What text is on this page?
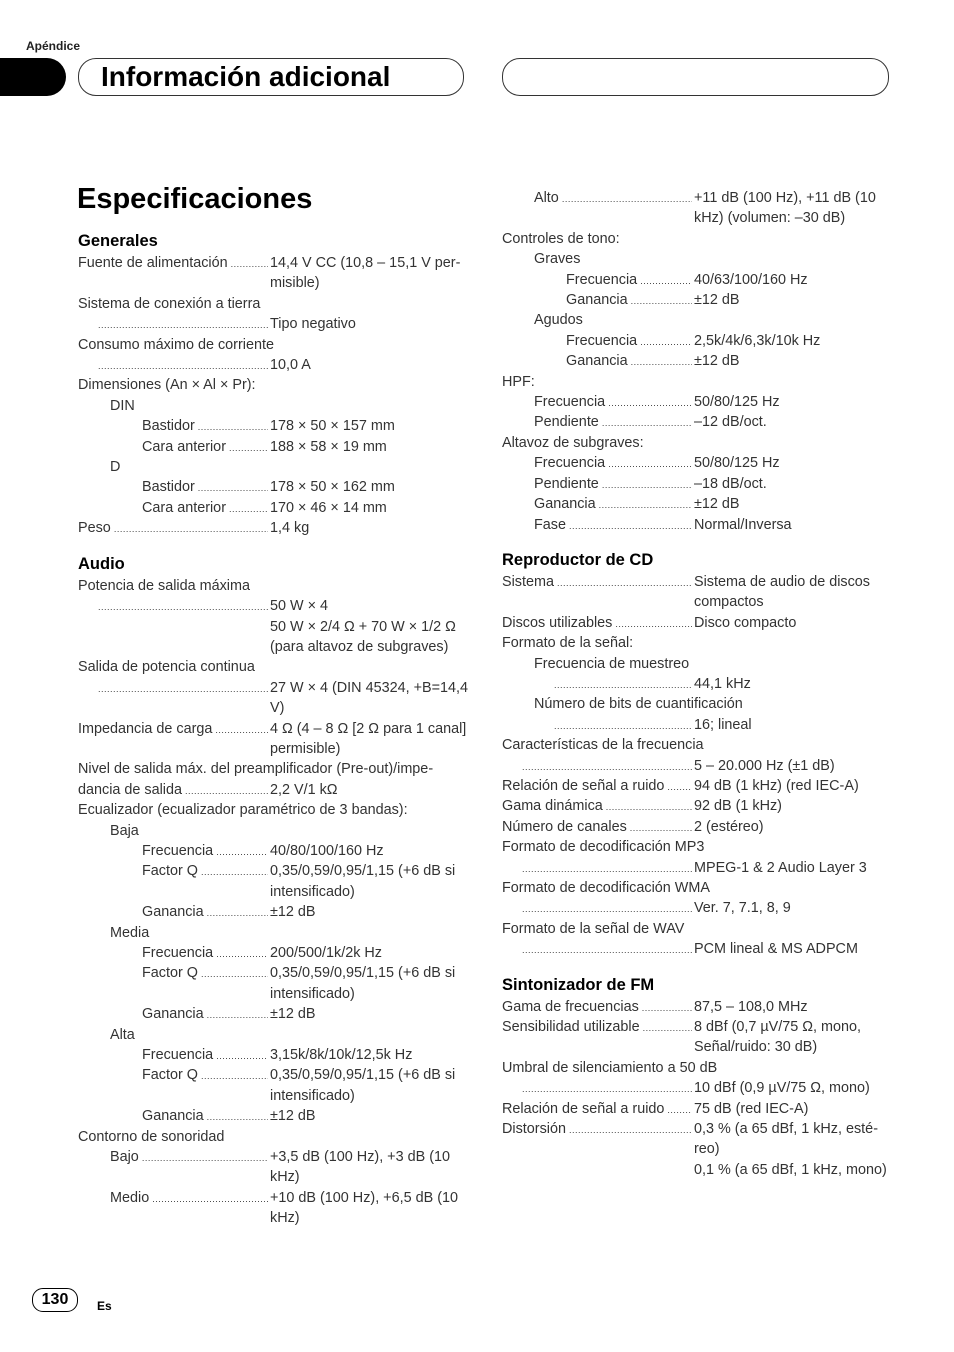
Apéndice
Información adicional
Especificaciones
Generales
Fuente de alimentación .....	14,4 V CC (10,8 – 15,1 V permisible)
Sistema de conexión a tierra
.....
Tipo negativo
Consumo máximo de corriente
.....
10,0 A
Dimensiones (An × Al × Pr):
DIN
Bastidor .....	178 × 50 × 157 mm
Cara anterior .....	188 × 58 × 19 mm
D
Bastidor .....	178 × 50 × 162 mm
Cara anterior .....	170 × 46 × 14 mm
Peso .....	1,4 kg
Audio
Potencia de salida máxima
.....
50 W × 4
50 W × 2/4 Ω + 70 W × 1/2 Ω (para altavoz de subgraves)
Salida de potencia continua
.....
27 W × 4 (DIN 45324, +B=14,4 V)
Impedancia de carga .....	4 Ω (4 – 8 Ω [2 Ω para 1 canal] permisible)
Nivel de salida máx. del preamplificador (Pre-out)/impe-
dancia de salida .....	2,2 V/1 kΩ
Ecualizador (ecualizador paramétrico de 3 bandas):
Baja
Frecuencia .....	40/80/100/160 Hz
Factor Q .....	0,35/0,59/0,95/1,15 (+6 dB si intensificado)
Ganancia .....	±12 dB
Media
Frecuencia .....	200/500/1k/2k Hz
Factor Q .....	0,35/0,59/0,95/1,15 (+6 dB si intensificado)
Ganancia .....	±12 dB
Alta
Frecuencia .....	3,15k/8k/10k/12,5k Hz
Factor Q .....	0,35/0,59/0,95/1,15 (+6 dB si intensificado)
Ganancia .....	±12 dB
Contorno de sonoridad
Bajo .....	+3,5 dB (100 Hz), +3 dB (10 kHz)
Medio .....	+10 dB (100 Hz), +6,5 dB (10 kHz)
Alto .....	+11 dB (100 Hz), +11 dB (10 kHz) (volumen: –30 dB)
Controles de tono:
Graves
Frecuencia .....	40/63/100/160 Hz
Ganancia .....	±12 dB
Agudos
Frecuencia .....	2,5k/4k/6,3k/10k Hz
Ganancia .....	±12 dB
HPF:
Frecuencia .....	50/80/125 Hz
Pendiente .....	–12 dB/oct.
Altavoz de subgraves:
Frecuencia .....	50/80/125 Hz
Pendiente .....	–18 dB/oct.
Ganancia .....	±12 dB
Fase .....	Normal/Inversa
Reproductor de CD
Sistema .....	Sistema de audio de discos compactos
Discos utilizables .....	Disco compacto
Formato de la señal:
Frecuencia de muestreo
.....
44,1 kHz
Número de bits de cuantificación
.....
16; lineal
Características de la frecuencia
.....
5 – 20.000 Hz (±1 dB)
Relación de señal a ruido ..... 94 dB (1 kHz) (red IEC-A)
Gama dinámica .....	92 dB (1 kHz)
Número de canales .....	2 (estéreo)
Formato de decodificación MP3
.....
MPEG-1 & 2 Audio Layer 3
Formato de decodificación WMA
.....
Ver. 7, 7.1, 8, 9
Formato de la señal de WAV
.....
PCM lineal & MS ADPCM
Sintonizador de FM
Gama de frecuencias .....	87,5 – 108,0 MHz
Sensibilidad utilizable .....	8 dBf (0,7 µV/75 Ω, mono, Señal/ruido: 30 dB)
Umbral de silenciamiento a 50 dB
.....
10 dBf (0,9 µV/75 Ω, mono)
Relación de señal a ruido ..... 75 dB (red IEC-A)
Distorsión .....	0,3 % (a 65 dBf, 1 kHz, estéreo)
0,1 % (a 65 dBf, 1 kHz, mono)
130	Es
